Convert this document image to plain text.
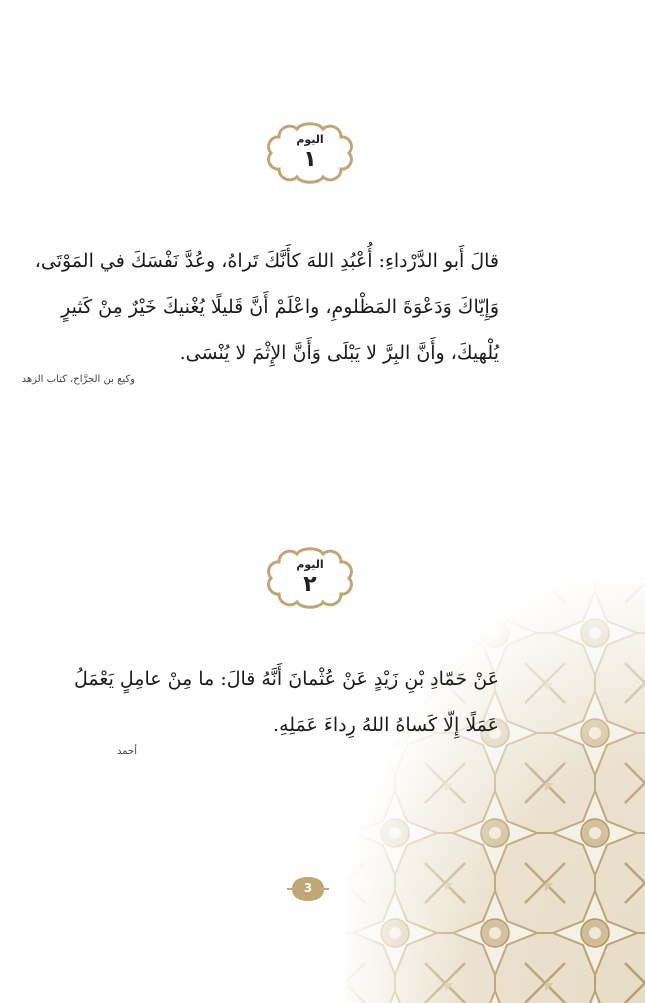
اليوم
١

قالَ أَبو الدَّرْداءِ: أُعْبُدِ اللهَ كأَنَّكَ تَراهُ، وعُدَّ نَفْسَكَ في المَوْتَى،

وَإِيّاكَ وَدَعْوَةَ المَظْلومِ، واعْلَمْ أَنَّ قَليلًا يُغْنيكَ خَيْرٌ مِنْ كَثيرٍ

يُلْهيكَ، وأَنَّ البِرَّ لا يَبْلَى وَأَنَّ الإِثْمَ لا يُنْسَى.

وكيع بن الجرَّاح، كتاب الزهد
اليوم
٢

عَنْ حَمّادِ بْنِ زَيْدٍ عَنْ عُثْمانَ أَنَّهُ قالَ: ما مِنْ عامِلٍ يَعْمَلُ

عَمَلًا إِلّا كَساهُ اللهُ رِداءَ عَمَلِهِ.

أحمد
3
